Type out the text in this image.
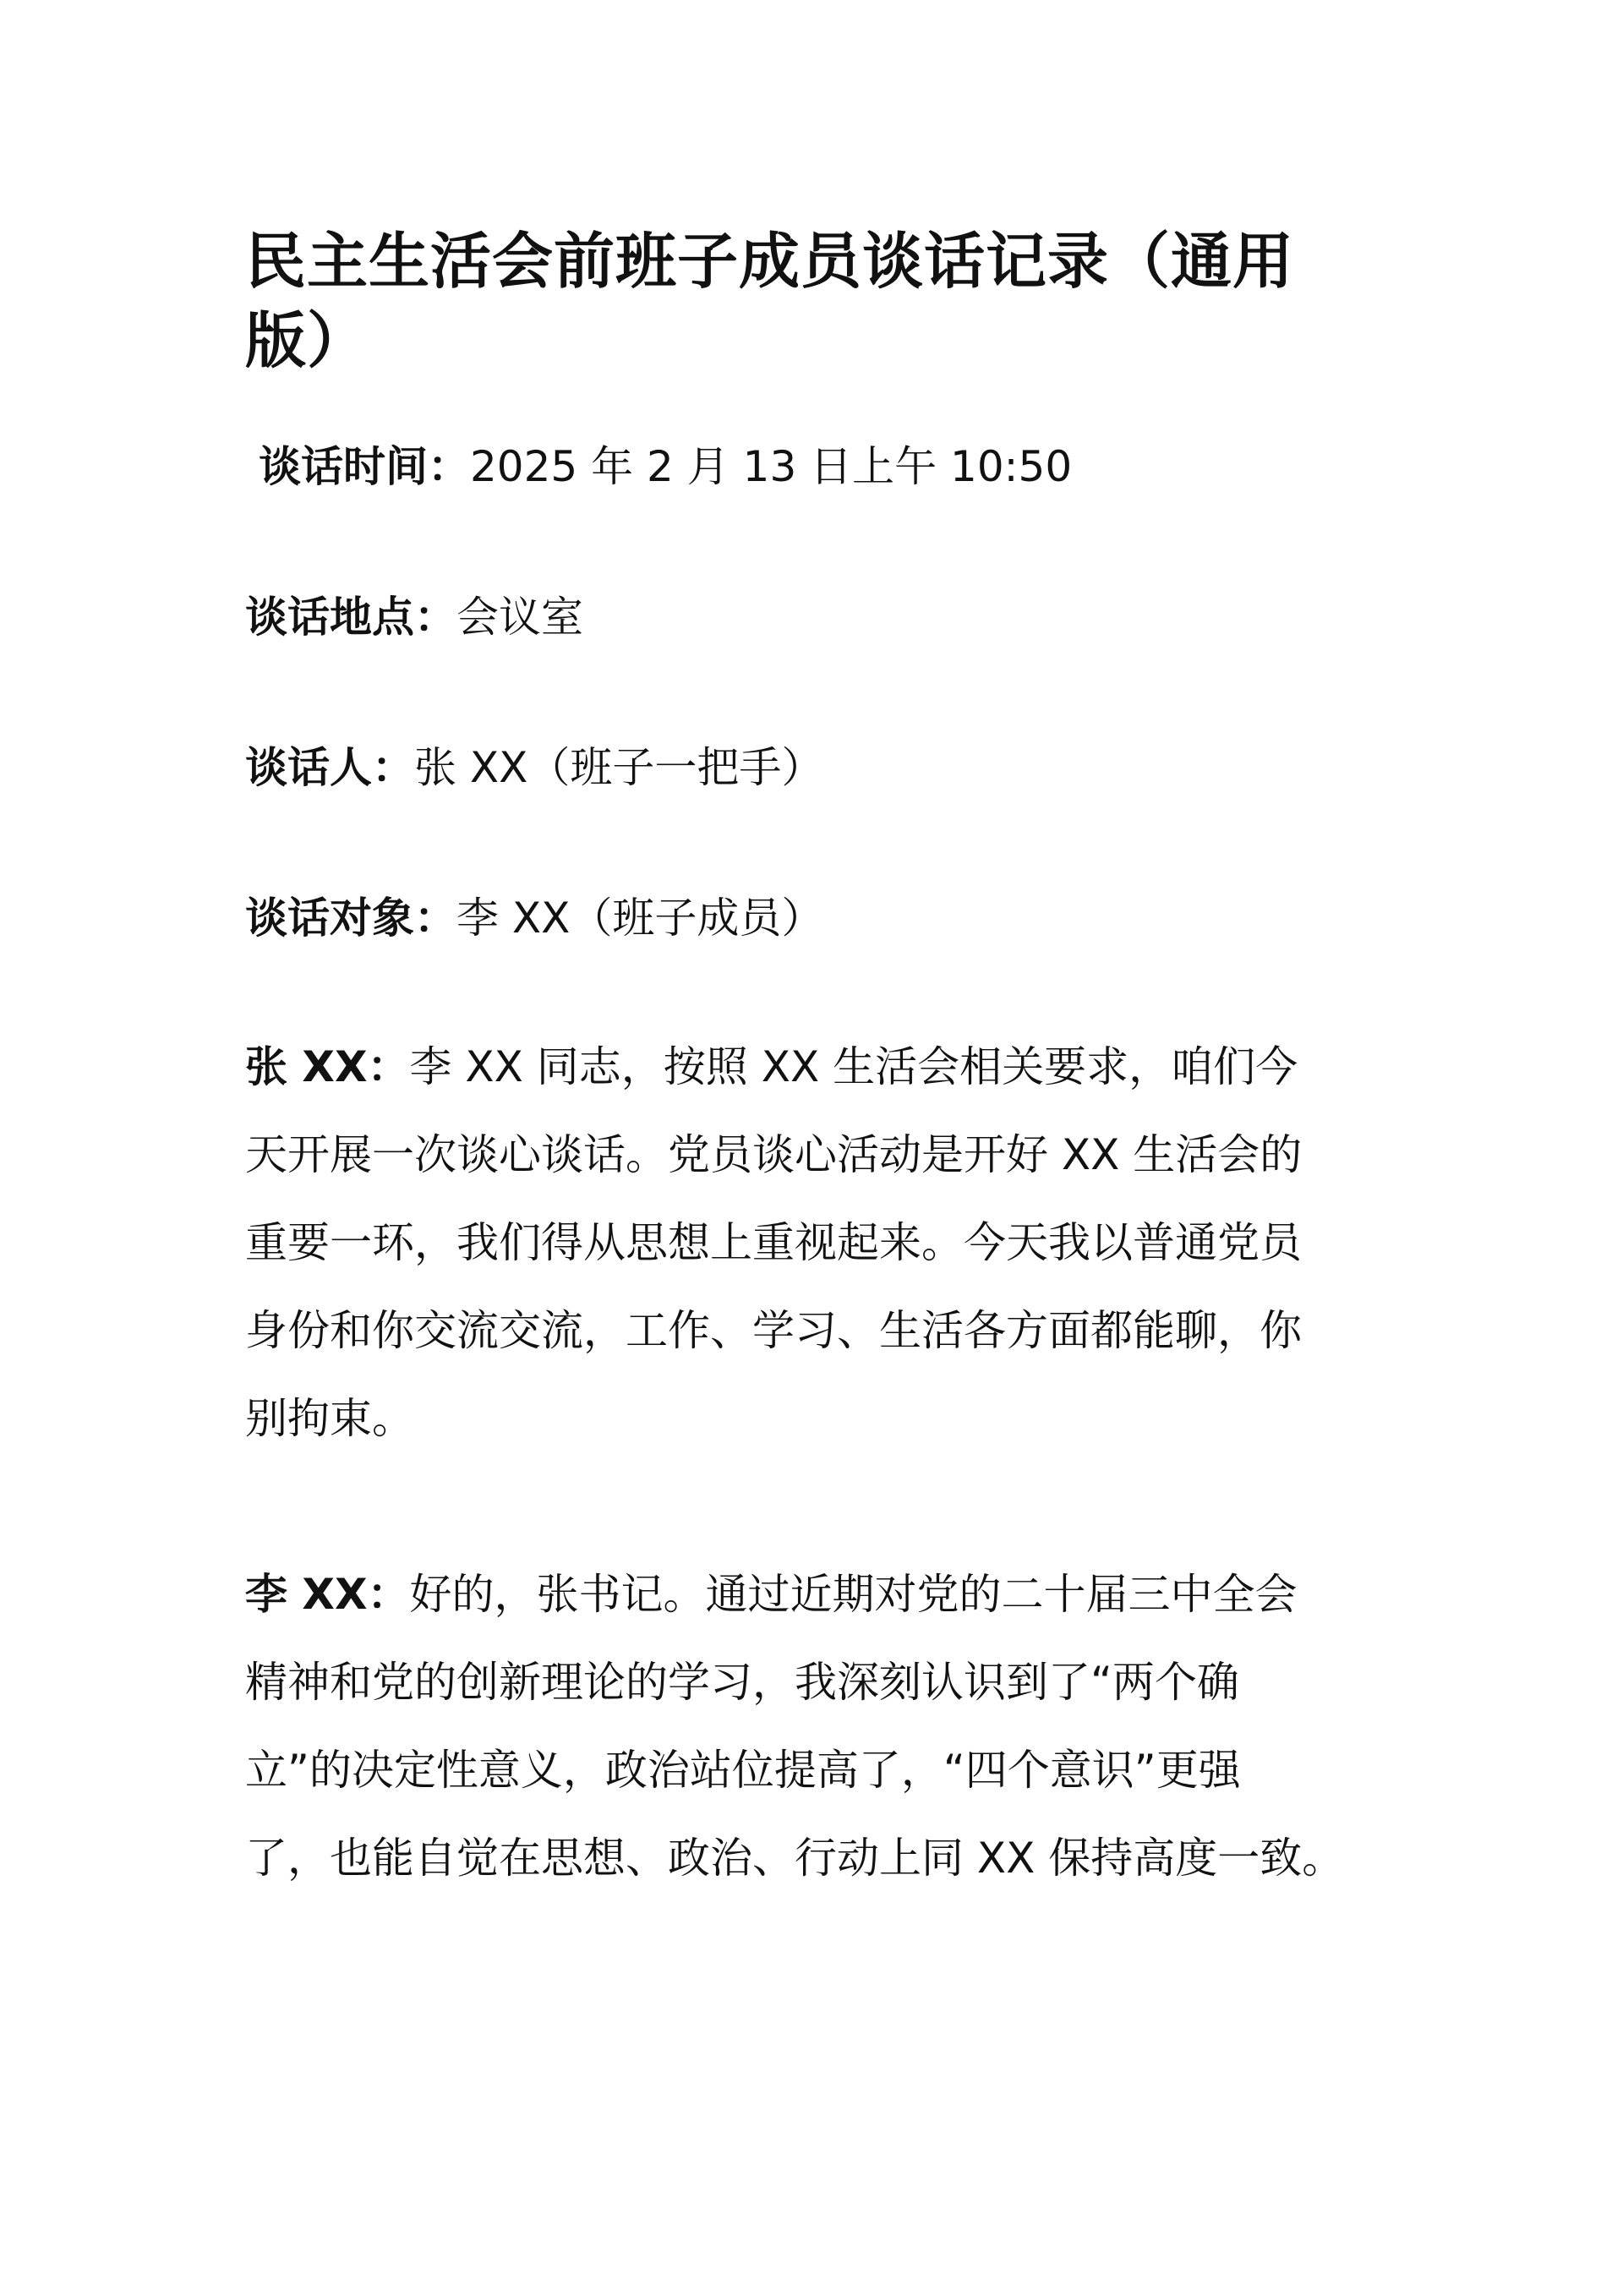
民主生活会前班子成员谈话记录（通用
版）

谈话时间：2025 年 2 月 13 日上午 10:50

谈话地点：会议室

谈话人：张 XX（班子一把手）

谈话对象：李 XX（班子成员）

张 XX：李 XX 同志，按照 XX 生活会相关要求，咱们今
天开展一次谈心谈话。党员谈心活动是开好 XX 生活会的
重要一环，我们得从思想上重视起来。今天我以普通党员
身份和你交流交流，工作、学习、生活各方面都能聊，你
别拘束。

李 XX：好的，张书记。通过近期对党的二十届三中全会
精神和党的创新理论的学习，我深刻认识到了“两个确
立”的决定性意义，政治站位提高了，“四个意识”更强
了，也能自觉在思想、政治、行动上同 XX 保持高度一致。
